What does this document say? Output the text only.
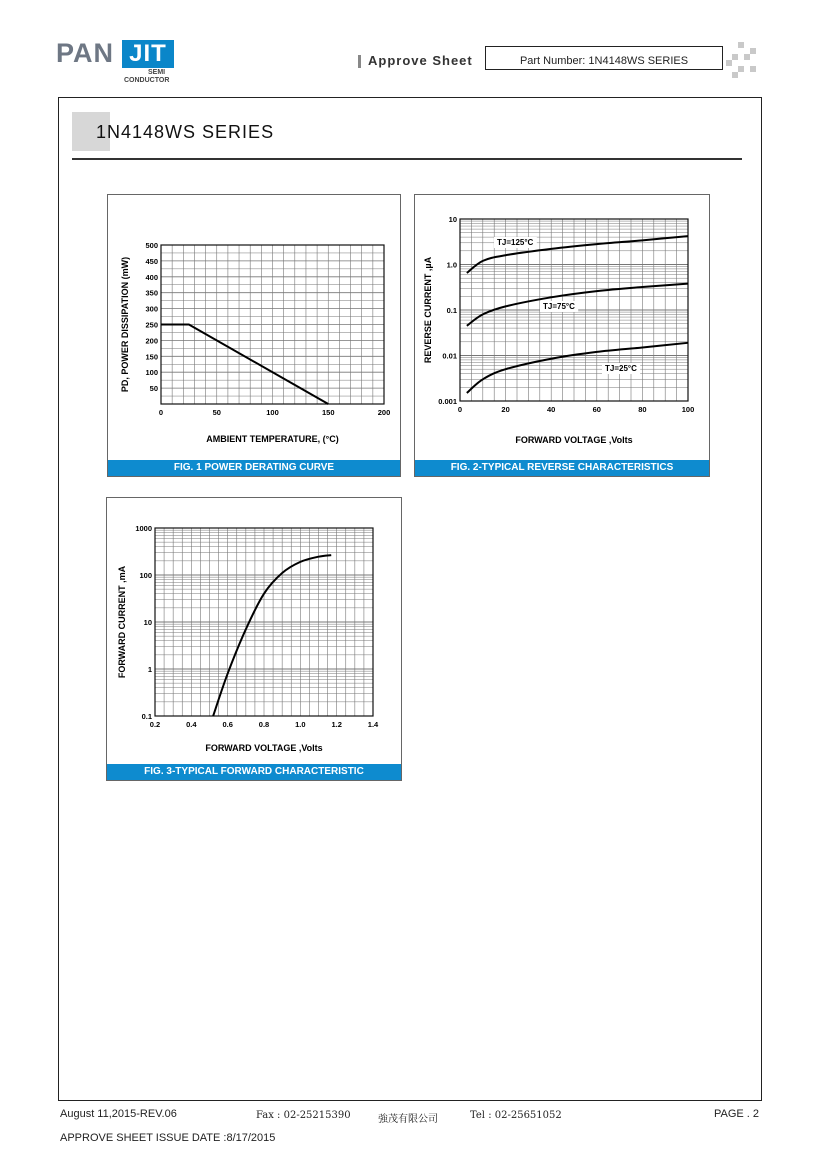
PAN JIT
SEMI
CONDUCTOR
Approve Sheet	Part Number: 1N4148WS SERIES
1N4148WS SERIES
0	50	100	150	200
50
100
150
200
250
300
350
400
450
500
AMBIENT TEMPERATURE, (°C)
PD, POWER DISSIPATION (mW)
FIG. 1 POWER DERATING CURVE
0	20	40	60	80	100
0.001
0.01
0.1
1.0
10
FORWARD VOLTAGE ,Volts
REVERSE CURRENT ,µA
TJ=125°C
TJ=75°C
TJ=25°C
FIG. 2-TYPICAL REVERSE CHARACTERISTICS
0.2	0.4	0.6	0.8	1.0	1.2	1.4
0.1
1
10
100
1000
FORWARD VOLTAGE ,Volts
FORWARD CURRENT ,mA
FIG. 3-TYPICAL FORWARD CHARACTERISTIC
August 11,2015-REV.06	Fax : 02-25215390	強茂有限公司	Tel : 02-25651052	PAGE . 2
APPROVE SHEET ISSUE DATE :8/17/2015
